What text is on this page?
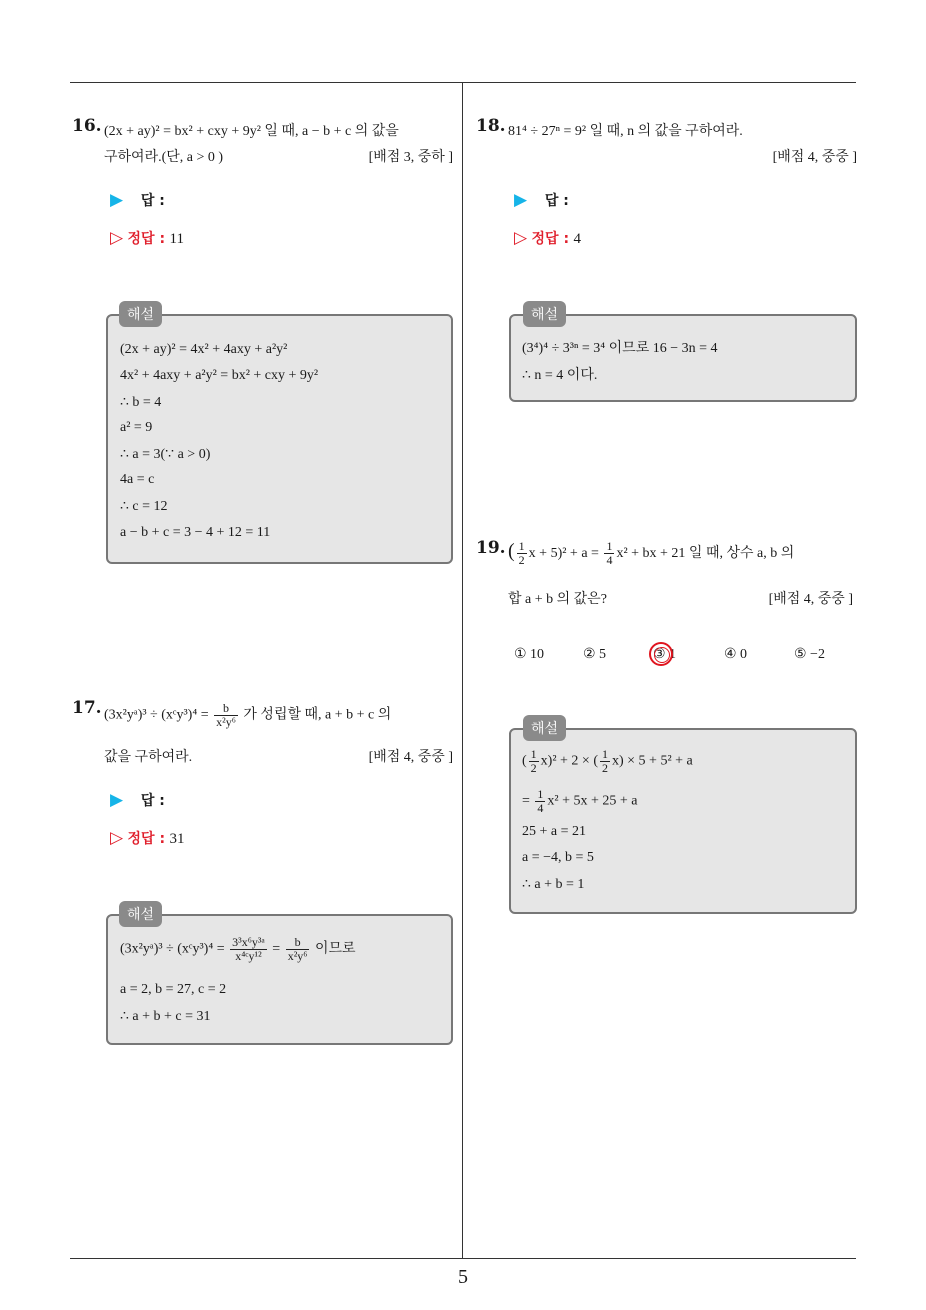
5
16. (2x + ay)² = bx² + cxy + 9y² 일 때, a − b + c 의 값을
구하여라.(단, a > 0 )	[배점 3, 중하 ]
▶ 답 :
▷ 정답 : 11
해설
(2x + ay)² = 4x² + 4axy + a²y²
4x² + 4axy + a²y² = bx² + cxy + 9y²
∴ b = 4
a² = 9
∴ a = 3(∵ a > 0)
4a = c
∴ c = 12
a − b + c = 3 − 4 + 12 = 11
17. (3x²yᵃ)³ ÷ (xᶜy³)⁴ = $\frac{b}{\text{x²y⁶}}$ 가 성립할 때, a + b + c 의
값을 구하여라.	[배점 4, 중중 ]
▶ 답 :
▷ 정답 : 31
해설
(3x²yᵃ)³ ÷ (xᶜy³)⁴ = $\frac{\text{3³x⁶y³ᵃ}}{\text{x⁴ᶜy¹²}} = \frac{b}{\text{x²y⁶}}$ 이므로
a = 2, b = 27, c = 2
∴ a + b + c = 31
18. 81⁴ ÷ 27ⁿ = 9² 일 때, n 의 값을 구하여라.
[배점 4, 중중 ]
▶ 답 :
▷ 정답 : 4
해설
(3⁴)⁴ ÷ 3³ⁿ = 3⁴ 이므로 16 − 3n = 4
∴ n = 4 이다.
19. ( $\frac{1}{2}$ $x + 5)^2 + a = \frac{1}{4} x^2$ + bx + 21 일 때, 상수 a, b 의
합 a + b 의 값은?	[배점 4, 중중 ]
① 10	② 5	③ 1	④ 0	⑤ −2
해설
( $\frac{1}{2} x)^2 + 2$ × ( $\frac{1}{2} x) \times 5 + 5^2 + a$
= $\frac{1}{4} x^2 + 5x + 25 + a$
25 + a = 21
a = −4, b = 5
∴ a + b = 1
